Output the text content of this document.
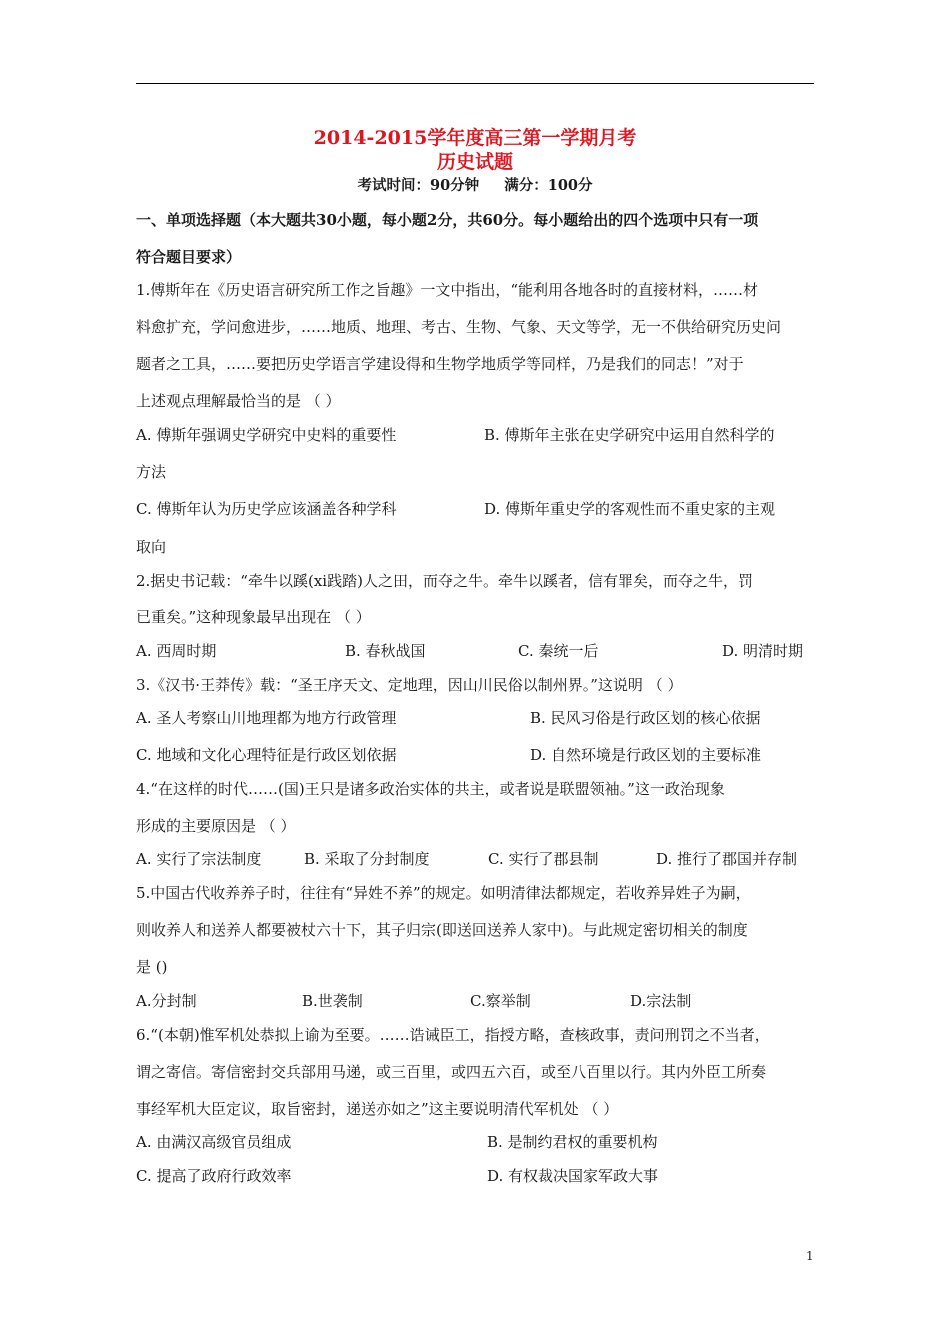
2014-2015学年度高三第一学期月考
历史试题
考试时间：90分钟 满分：100分
一、单项选择题（本大题共30小题，每小题2分，共60分。每小题给出的四个选项中只有一项
符合题目要求）
1.傅斯年在《历史语言研究所工作之旨趣》一文中指出，“能利用各地各时的直接材料，……材
料愈扩充，学问愈进步，……地质、地理、考古、生物、气象、天文等学，无一不供给研究历史问
题者之工具，……要把历史学语言学建设得和生物学地质学等同样，乃是我们的同志！”对于
上述观点理解最恰当的是 （ ）
A. 傅斯年强调史学研究中史料的重要性	B. 傅斯年主张在史学研究中运用自然科学的
方法
C. 傅斯年认为历史学应该涵盖各种学科	D. 傅斯年重史学的客观性而不重史家的主观
取向
2.据史书记载：“牵牛以蹊(xi践踏)人之田，而夺之牛。牵牛以蹊者，信有罪矣，而夺之牛，罚
已重矣。”这种现象最早出现在 （ ）
A. 西周时期	B. 春秋战国	C. 秦统一后	D. 明清时期
3.《汉书·王莽传》载：“圣王序天文、定地理，因山川民俗以制州界。”这说明 （ ）
A. 圣人考察山川地理都为地方行政管理	B. 民风习俗是行政区划的核心依据
C. 地域和文化心理特征是行政区划依据	D. 自然环境是行政区划的主要标准
4.“在这样的时代……(国)王只是诸多政治实体的共主，或者说是联盟领袖。”这一政治现象
形成的主要原因是 （ ）
A. 实行了宗法制度	B. 采取了分封制度	C. 实行了郡县制	D. 推行了郡国并存制
5.中国古代收养养子时，往往有“异姓不养”的规定。如明清律法都规定，若收养异姓子为嗣，
则收养人和送养人都要被杖六十下，其子归宗(即送回送养人家中)。与此规定密切相关的制度
是 ()
A.分封制	B.世袭制	C.察举制	D.宗法制
6.“(本朝)惟军机处恭拟上谕为至要。……诰诫臣工，指授方略，查核政事，责问刑罚之不当者，
谓之寄信。寄信密封交兵部用马递，或三百里，或四五六百，或至八百里以行。其内外臣工所奏
事经军机大臣定议，取旨密封，递送亦如之”这主要说明清代军机处 （ ）
A. 由满汉高级官员组成	B. 是制约君权的重要机构
C. 提高了政府行政效率	D. 有权裁决国家军政大事
1
